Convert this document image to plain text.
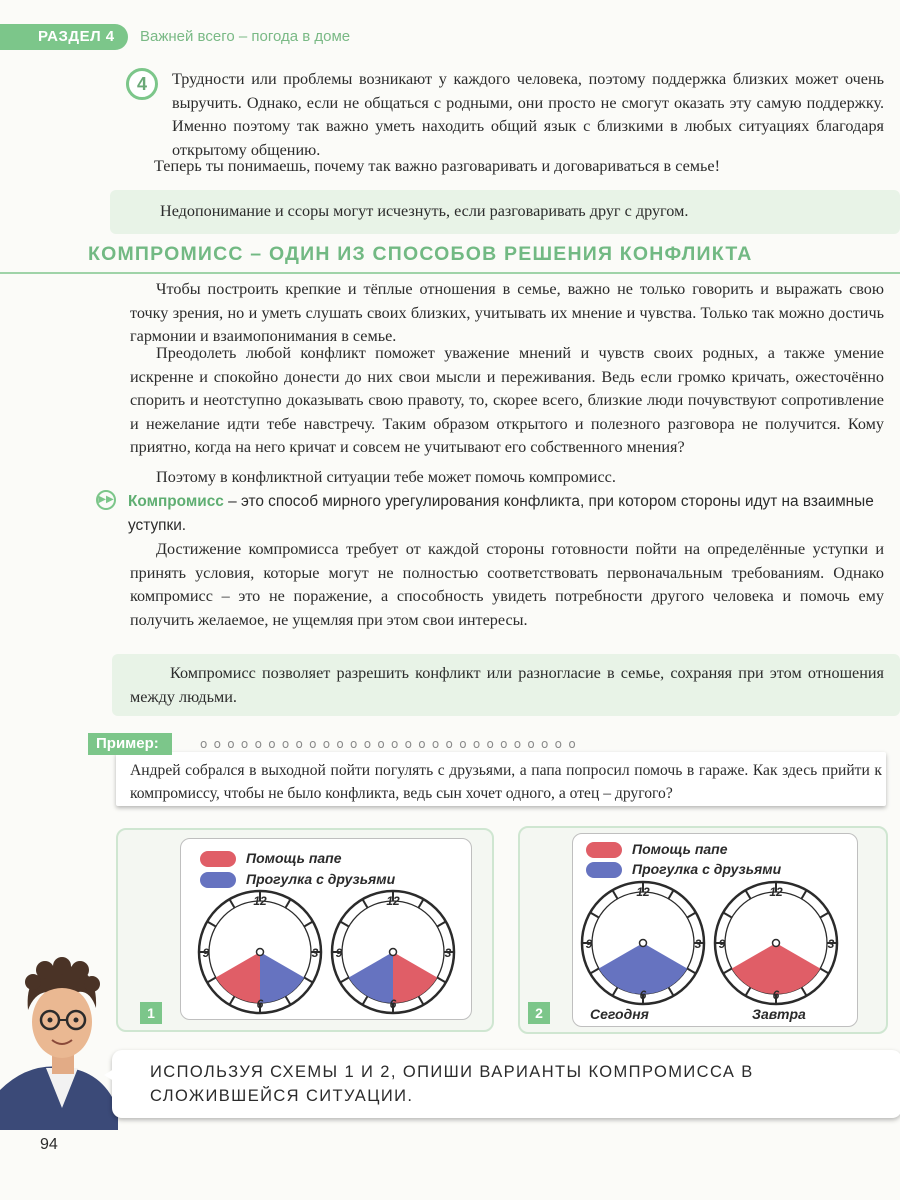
РАЗДЕЛ 4	Важней всего – погода в доме
4	Трудности или проблемы возникают у каждого человека, поэтому поддержка близких может очень выручить. Однако, если не общаться с родными, они просто не смогут оказать эту самую поддержку. Именно поэтому так важно уметь находить общий язык с близкими в любых ситуациях благодаря открытому общению.
Теперь ты понимаешь, почему так важно разговаривать и договариваться в семье!
Недопонимание и ссоры могут исчезнуть, если разговаривать друг с другом.
КОМПРОМИСС – ОДИН ИЗ СПОСОБОВ РЕШЕНИЯ КОНФЛИКТА
Чтобы построить крепкие и тёплые отношения в семье, важно не только говорить и выражать свою точку зрения, но и уметь слушать своих близких, учитывать их мнение и чувства. Только так можно достичь гармонии и взаимопонимания в семье.
Преодолеть любой конфликт поможет уважение мнений и чувств своих родных, а также умение искренне и спокойно донести до них свои мысли и переживания. Ведь если громко кричать, ожесточённо спорить и неотступно доказывать свою правоту, то, скорее всего, близкие люди почувствуют сопротивление и нежелание идти тебе навстречу. Таким образом открытого и полезного разговора не получится. Кому приятно, когда на него кричат и совсем не учитывают его собственного мнения?
Поэтому в конфликтной ситуации тебе может помочь компромисс.
▶▶ Компромисс – это способ мирного урегулирования конфликта, при котором стороны идут на взаимные уступки.
Достижение компромисса требует от каждой стороны готовности пойти на определённые уступки и принять условия, которые могут не полностью соответствовать первоначальным требованиям. Однако компромисс – это не поражение, а способность увидеть потребности другого человека и помочь ему получить желаемое, не ущемляя при этом свои интересы.
Компромисс позволяет разрешить конфликт или разногласие в семье, сохраняя при этом отношения между людьми.
oooooooooooooooooooooooooooo
Пример:
Андрей собрался в выходной пойти погулять с друзьями, а папа попросил помочь в гараже. Как здесь прийти к компромиссу, чтобы не было конфликта, ведь сын хочет одного, а отец – другого?
Помощь папе
Прогулка с друзьями
1
Помощь папе
Прогулка с друзьями
2	Сегодня	Завтра
12
3
6
9
12
3
6
9
12
3
6
9
12
3
6
9
ИСПОЛЬЗУЯ СХЕМЫ 1 И 2, ОПИШИ ВАРИАНТЫ КОМПРОМИССА В СЛОЖИВШЕЙСЯ СИТУАЦИИ.
94
